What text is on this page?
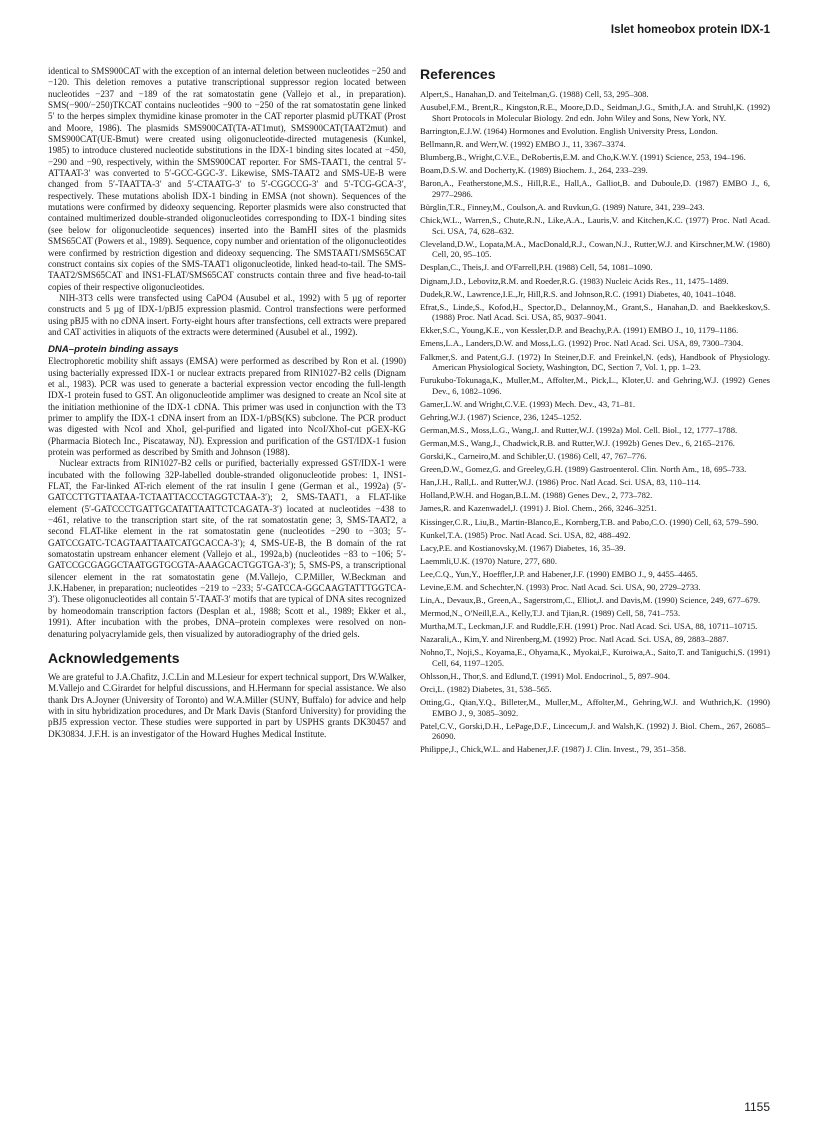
Islet homeobox protein IDX-1

identical to SMS900CAT with the exception of an internal deletion between nucleotides −250 and −120. This deletion removes a putative transcriptional suppressor region located between nucleotides −237 and −189 of the rat somatostatin gene (Vallejo et al., in preparation). SMS(−900/−250)TKCAT contains nucleotides −900 to −250 of the rat somatostatin gene linked 5′ to the herpes simplex thymidine kinase promoter in the CAT reporter plasmid pUTKAT (Prost and Moore, 1986). The plasmids SMS900CAT(TA-AT1mut), SMS900CAT(TAAT2mut) and SMS900CAT(UE-Bmut) were created using oligonucleotide-directed mutagenesis (Kunkel, 1985) to introduce clustered nucleotide substitutions in the IDX-1 binding sites located at −450, −290 and −90, respectively, within the SMS900CAT reporter. For SMS-TAAT1, the central 5′-ATTAAT-3′ was converted to 5′-GCC-GGC-3′. Likewise, SMS-TAAT2 and SMS-UE-B were changed from 5′-TAATTA-3′ and 5′-CTAATG-3′ to 5′-CGGCCG-3′ and 5′-TCG-GCA-3′, respectively. These mutations abolish IDX-1 binding in EMSA (not shown). Sequences of the mutations were confirmed by dideoxy sequencing. Reporter plasmids were also constructed that contained multimerized double-stranded oligonucleotides corresponding to IDX-1 binding sites (see below for oligonucleotide sequences) inserted into the BamHI sites of the plasmids SMS65CAT (Powers et al., 1989). Sequence, copy number and orientation of the oligonucleotides were confirmed by restriction digestion and dideoxy sequencing. The SMSTAAT1/SMS65CAT construct contains six copies of the SMS-TAAT1 oligonucleotide, linked head-to-tail. The SMS-TAAT2/SMS65CAT and INS1-FLAT/SMS65CAT constructs contain three and five head-to-tail copies of their respective oligonucleotides.

NIH-3T3 cells were transfected using CaPO4 (Ausubel et al., 1992) with 5 µg of reporter constructs and 5 µg of IDX-1/pBJ5 expression plasmid. Control transfections were performed using pBJ5 with no cDNA insert. Forty-eight hours after transfections, cell extracts were prepared and CAT activities in aliquots of the extracts were determined (Ausubel et al., 1992).

DNA–protein binding assays

Electrophoretic mobility shift assays (EMSA) were performed as described by Ron et al. (1990) using bacterially expressed IDX-1 or nuclear extracts prepared from RIN1027-B2 cells (Dignam et al., 1983). PCR was used to generate a bacterial expression vector encoding the full-length IDX-1 protein fused to GST. An oligonucleotide amplimer was designed to create an NcoI site at the initiation methionine of the IDX-1 cDNA. This primer was used in conjunction with the T3 primer to amplify the IDX-1 cDNA insert from an IDX-1/pBS(KS) subclone. The PCR product was digested with NcoI and XhoI, gel-purified and ligated into NcoI/XhoI-cut pGEX-KG (Pharmacia Biotech Inc., Piscataway, NJ). Expression and purification of the GST/IDX-1 fusion protein was performed as described by Smith and Johnson (1988).

Nuclear extracts from RIN1027-B2 cells or purified, bacterially expressed GST/IDX-1 were incubated with the following 32P-labelled double-stranded oligonucleotide probes: 1, INS1-FLAT, the Far-linked AT-rich element of the rat insulin I gene (German et al., 1992a) (5′-GATCCTTGTTAATAA-TCTAATTACCCTAGGTCTAA-3′); 2, SMS-TAAT1, a FLAT-like element (5′-GATCCCTGATTGCATATTAATTCTCAGATA-3′) located at nucleotides −438 to −461, relative to the transcription start site, of the rat somatostatin gene; 3, SMS-TAAT2, a second FLAT-like element in the rat somatostatin gene (nucleotides −290 to −303; 5′-GATCCGATC-TCAGTAATTAATCATGCACCA-3′); 4, SMS-UE-B, the B domain of the rat somatostatin upstream enhancer element (Vallejo et al., 1992a,b) (nucleotides −83 to −106; 5′-GATCCGCGAGGCTAATGGTGCGTA-AAAGCACTGGTGA-3′); 5, SMS-PS, a transcriptional silencer element in the rat somatostatin gene (M.Vallejo, C.P.Miller, W.Beckman and J.K.Habener, in preparation; nucleotides −219 to −233; 5′-GATCCA-GGCAAGTATTTGGTCA-3′). These oligonucleotides all contain 5′-TAAT-3′ motifs that are typical of DNA sites recognized by homeodomain transcription factors (Desplan et al., 1988; Scott et al., 1989; Ekker et al., 1991). After incubation with the probes, DNA–protein complexes were resolved on non-denaturing polyacrylamide gels, then visualized by autoradiography of the dried gels.

Acknowledgements

We are grateful to J.A.Chafitz, J.C.Lin and M.Lesieur for expert technical support, Drs W.Walker, M.Vallejo and C.Girardet for helpful discussions, and H.Hermann for special assistance. We also thank Drs A.Joyner (University of Toronto) and W.A.Miller (SUNY, Buffalo) for advice and help with in situ hybridization procedures, and Dr Mark Davis (Stanford University) for providing the pBJ5 expression vector. These studies were supported in part by USPHS grants DK30457 and DK30834. J.F.H. is an investigator of the Howard Hughes Medical Institute.

References

Alpert,S., Hanahan,D. and Teitelman,G. (1988) Cell, 53, 295–308.

Ausubel,F.M., Brent,R., Kingston,R.E., Moore,D.D., Seidman,J.G., Smith,J.A. and Struhl,K. (1992) Short Protocols in Molecular Biology. 2nd edn. John Wiley and Sons, New York, NY.

Barrington,E.J.W. (1964) Hormones and Evolution. English University Press, London.

Bellmann,R. and Werr,W. (1992) EMBO J., 11, 3367–3374.

Blumberg,B., Wright,C.V.E., DeRobertis,E.M. and Cho,K.W.Y. (1991) Science, 253, 194–196.

Boam,D.S.W. and Docherty,K. (1989) Biochem. J., 264, 233–239.

Baron,A., Featherstone,M.S., Hill,R.E., Hall,A., Galliot,B. and Duboule,D. (1987) EMBO J., 6, 2977–2986.

Bürglin,T.R., Finney,M., Coulson,A. and Ruvkun,G. (1989) Nature, 341, 239–243.

Chick,W.L., Warren,S., Chute,R.N., Like,A.A., Lauris,V. and Kitchen,K.C. (1977) Proc. Natl Acad. Sci. USA, 74, 628–632.

Cleveland,D.W., Lopata,M.A., MacDonald,R.J., Cowan,N.J., Rutter,W.J. and Kirschner,M.W. (1980) Cell, 20, 95–105.

Desplan,C., Theis,J. and O'Farrell,P.H. (1988) Cell, 54, 1081–1090.

Dignam,J.D., Lebovitz,R.M. and Roeder,R.G. (1983) Nucleic Acids Res., 11, 1475–1489.

Dudek,R.W., Lawrence,I.E.,Jr, Hill,R.S. and Johnson,R.C. (1991) Diabetes, 40, 1041–1048.

Efrat,S., Linde,S., Kofod,H., Spector,D., Delannoy,M., Grant,S., Hanahan,D. and Baekkeskov,S. (1988) Proc. Natl Acad. Sci. USA, 85, 9037–9041.

Ekker,S.C., Young,K.E., von Kessler,D.P. and Beachy,P.A. (1991) EMBO J., 10, 1179–1186.

Emens,L.A., Landers,D.W. and Moss,L.G. (1992) Proc. Natl Acad. Sci. USA, 89, 7300–7304.

Falkmer,S. and Patent,G.J. (1972) In Steiner,D.F. and Freinkel,N. (eds), Handbook of Physiology. American Physiological Society, Washington, DC, Section 7, Vol. 1, pp. 1–23.

Furukubo-Tokunaga,K., Muller,M., Affolter,M., Pick,L., Kloter,U. and Gehring,W.J. (1992) Genes Dev., 6, 1082–1096.

Gamer,L.W. and Wright,C.V.E. (1993) Mech. Dev., 43, 71–81.

Gehring,W.J. (1987) Science, 236, 1245–1252.

German,M.S., Moss,L.G., Wang,J. and Rutter,W.J. (1992a) Mol. Cell. Biol., 12, 1777–1788.

German,M.S., Wang,J., Chadwick,R.B. and Rutter,W.J. (1992b) Genes Dev., 6, 2165–2176.

Gorski,K., Carneiro,M. and Schibler,U. (1986) Cell, 47, 767–776.

Green,D.W., Gomez,G. and Greeley,G.H. (1989) Gastroenterol. Clin. North Am., 18, 695–733.

Han,J.H., Rall,L. and Rutter,W.J. (1986) Proc. Natl Acad. Sci. USA, 83, 110–114.

Holland,P.W.H. and Hogan,B.L.M. (1988) Genes Dev., 2, 773–782.

James,R. and Kazenwadel,J. (1991) J. Biol. Chem., 266, 3246–3251.

Kissinger,C.R., Liu,B., Martin-Blanco,E., Kornberg,T.B. and Pabo,C.O. (1990) Cell, 63, 579–590.

Kunkel,T.A. (1985) Proc. Natl Acad. Sci. USA, 82, 488–492.

Lacy,P.E. and Kostianovsky,M. (1967) Diabetes, 16, 35–39.

Laemmli,U.K. (1970) Nature, 277, 680.

Lee,C.Q., Yun,Y., Hoeffler,J.P. and Habener,J.F. (1990) EMBO J., 9, 4455–4465.

Levine,E.M. and Schechter,N. (1993) Proc. Natl Acad. Sci. USA, 90, 2729–2733.

Lin,A., Devaux,B., Green,A., Sagerstrom,C., Elliot,J. and Davis,M. (1990) Science, 249, 677–679.

Mermod,N., O'Neill,E.A., Kelly,T.J. and Tjian,R. (1989) Cell, 58, 741–753.

Murtha,M.T., Leckman,J.F. and Ruddle,F.H. (1991) Proc. Natl Acad. Sci. USA, 88, 10711–10715.

Nazarali,A., Kim,Y. and Nirenberg,M. (1992) Proc. Natl Acad. Sci. USA, 89, 2883–2887.

Nohno,T., Noji,S., Koyama,E., Ohyama,K., Myokai,F., Kuroiwa,A., Saito,T. and Taniguchi,S. (1991) Cell, 64, 1197–1205.

Ohlsson,H., Thor,S. and Edlund,T. (1991) Mol. Endocrinol., 5, 897–904.

Orci,L. (1982) Diabetes, 31, 538–565.

Otting,G., Qian,Y.Q., Billeter,M., Muller,M., Affolter,M., Gehring,W.J. and Wuthrich,K. (1990) EMBO J., 9, 3085–3092.

Patel,C.V., Gorski,D.H., LePage,D.F., Lincecum,J. and Walsh,K. (1992) J. Biol. Chem., 267, 26085–26090.

Philippe,J., Chick,W.L. and Habener,J.F. (1987) J. Clin. Invest., 79, 351–358.

1155
